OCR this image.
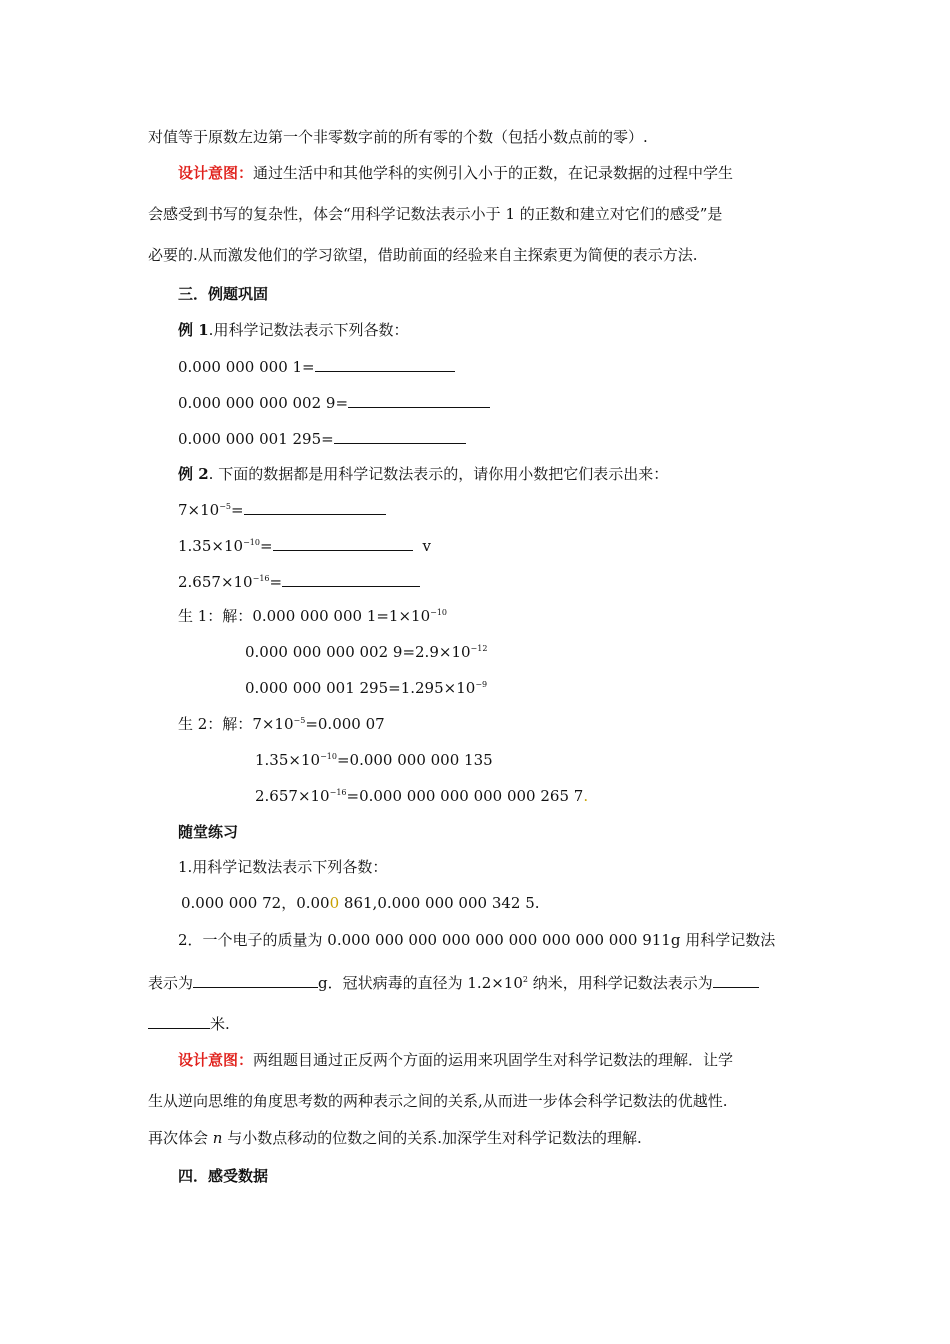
对值等于原数左边第一个非零数字前的所有零的个数（包括小数点前的零）.
设计意图：通过生活中和其他学科的实例引入小于的正数，在记录数据的过程中学生
会感受到书写的复杂性，体会“用科学记数法表示小于 1 的正数和建立对它们的感受”是
必要的.从而激发他们的学习欲望，借助前面的经验来自主探索更为简便的表示方法.
三．例题巩固
例 1.用科学记数法表示下列各数：
0.000 000 000 1=
0.000 000 000 002 9=
0.000 000 001 295=
例 2. 下面的数据都是用科学记数法表示的，请你用小数把它们表示出来：
$7\times 10^{-5}=$
$1.35\times 10^{-10}=$	v
$2.657\times 10^{-16}=$
生 1：解：0.000 000 000 $1=1\times 10^{-10}$
0.000 000 000 002 $9=2.9\times 10^{-12}$
0.000 000 001 $295=1.295\times 10^{-9}$
生 2：解：$7\times 10^{-5}=0.000$ 07
$1.35\times 10^{-10}=0.000$ 000 000 135
$2.657\times 10^{-16}=0.000$ 000 000 000 000 265 7.
随堂练习
1.用科学记数法表示下列各数：
0.000 000 72，0.000 861,0.000 000 000 342 5.
2．一个电子的质量为 0.000 000 000 000 000 000 000 000 000 911g 用科学记数法
表示为	g．冠状病毒的直径为 $1.2\times 10^2$ 纳米，用科学记数法表示为
米.
设计意图：两组题目通过正反两个方面的运用来巩固学生对科学记数法的理解．让学
生从逆向思维的角度思考数的两种表示之间的关系,从而进一步体会科学记数法的优越性.
再次体会 n 与小数点移动的位数之间的关系.加深学生对科学记数法的理解.
四．感受数据
